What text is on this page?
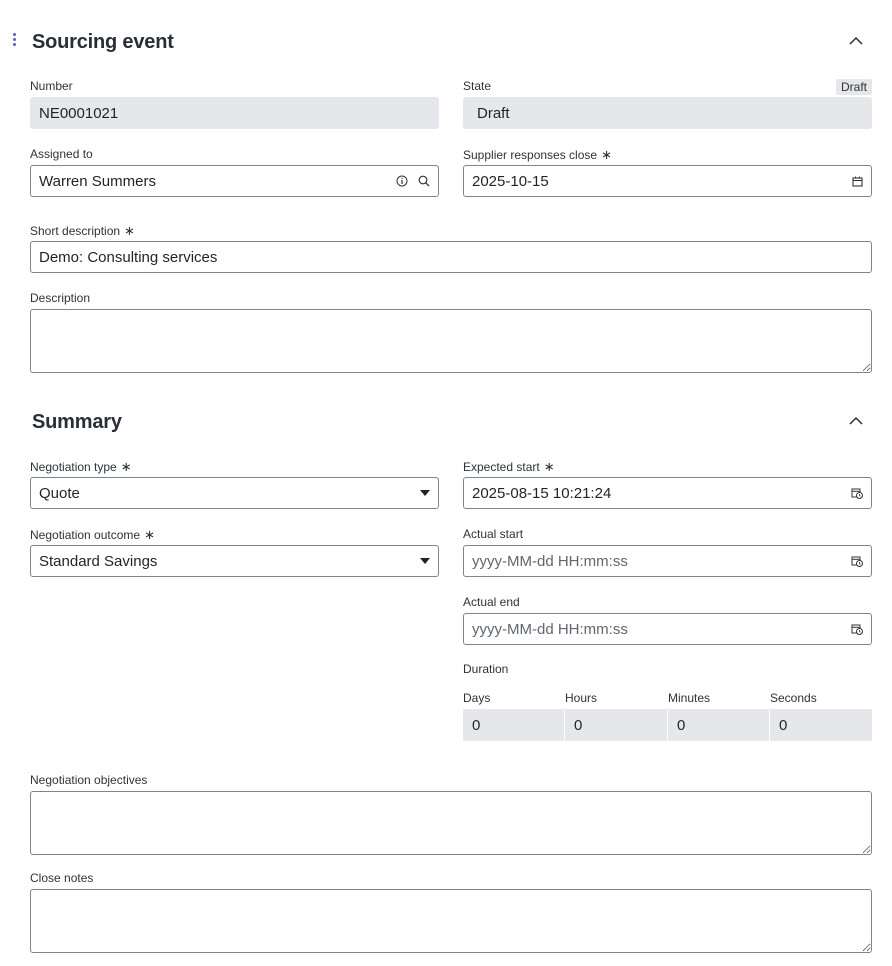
Sourcing event
Number
NE0001021
State	Draft
Draft
Assigned to
Warren Summers
Supplier responses close ∗
2025-10-15
Short description ∗
Demo: Consulting services
Description
Summary
Negotiation type ∗
Quote
Expected start ∗
2025-08-15 10:21:24
Negotiation outcome ∗
Standard Savings
Actual start
yyyy-MM-dd HH:mm:ss
Actual end
yyyy-MM-dd HH:mm:ss
Duration
Days	Hours	Minutes	Seconds
0	0	0	0
Negotiation objectives
Close notes
